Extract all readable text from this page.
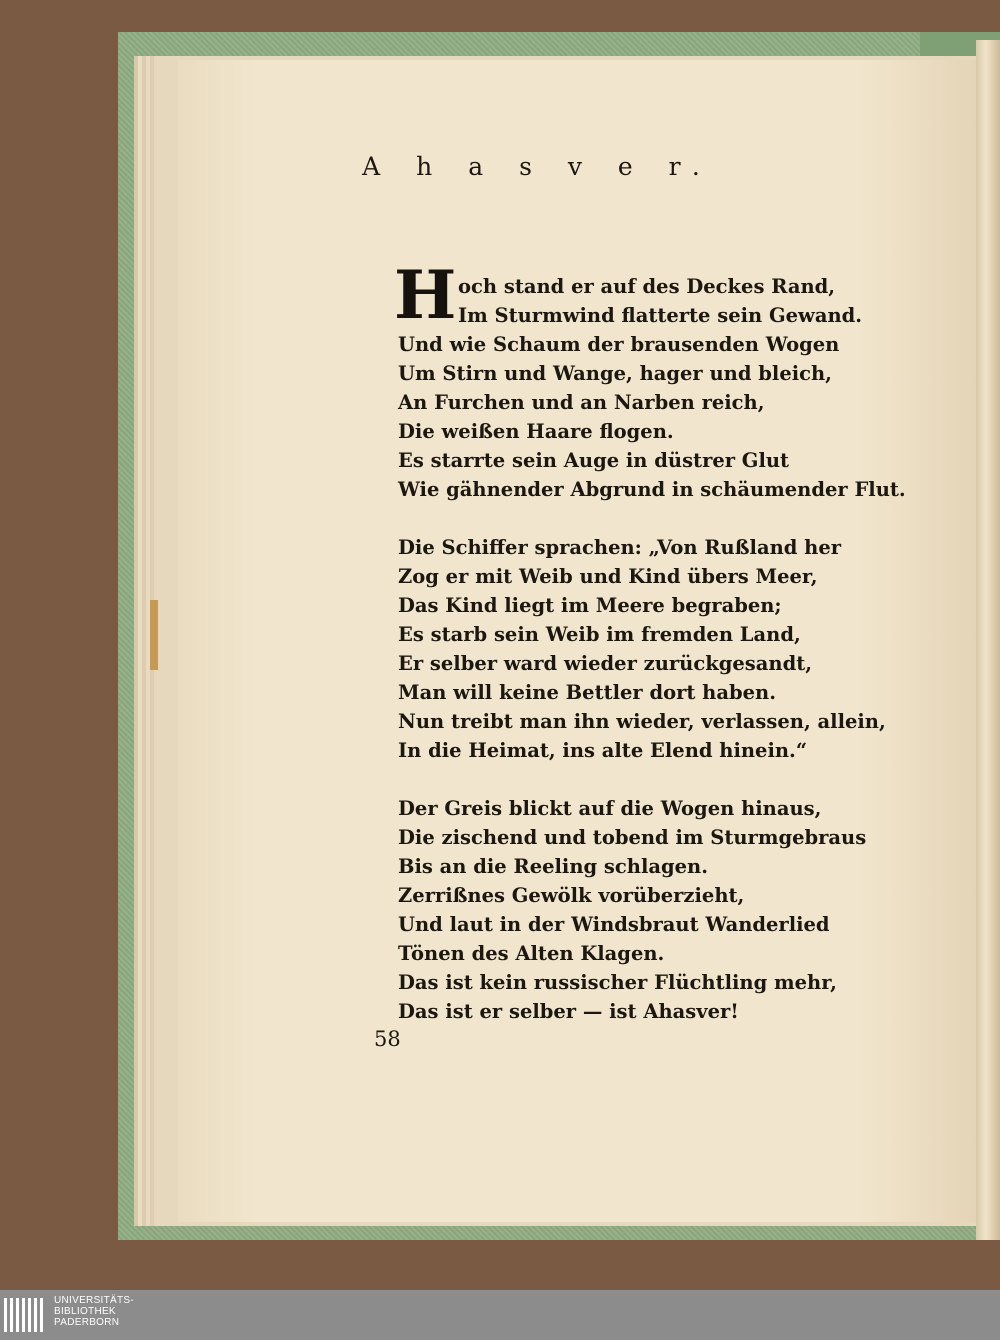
A h a s v e r.
H och stand er auf des Deckes Rand,
Im Sturmwind flatterte sein Gewand.
Und wie Schaum der brausenden Wogen
Um Stirn und Wange, hager und bleich,
An Furchen und an Narben reich,
Die weißen Haare flogen.
Es starrte sein Auge in düstrer Glut
Wie gähnender Abgrund in schäumender Flut.
Die Schiffer sprachen: „Von Rußland her
Zog er mit Weib und Kind übers Meer,
Das Kind liegt im Meere begraben;
Es starb sein Weib im fremden Land,
Er selber ward wieder zurückgesandt,
Man will keine Bettler dort haben.
Nun treibt man ihn wieder, verlassen, allein,
In die Heimat, ins alte Elend hinein.“
Der Greis blickt auf die Wogen hinaus,
Die zischend und tobend im Sturmgebraus
Bis an die Reeling schlagen.
Zerrißnes Gewölk vorüberzieht,
Und laut in der Windsbraut Wanderlied
Tönen des Alten Klagen.
Das ist kein russischer Flüchtling mehr,
Das ist er selber — ist Ahasver!
58
UNIVERSITÄTS-
BIBLIOTHEK
PADERBORN
